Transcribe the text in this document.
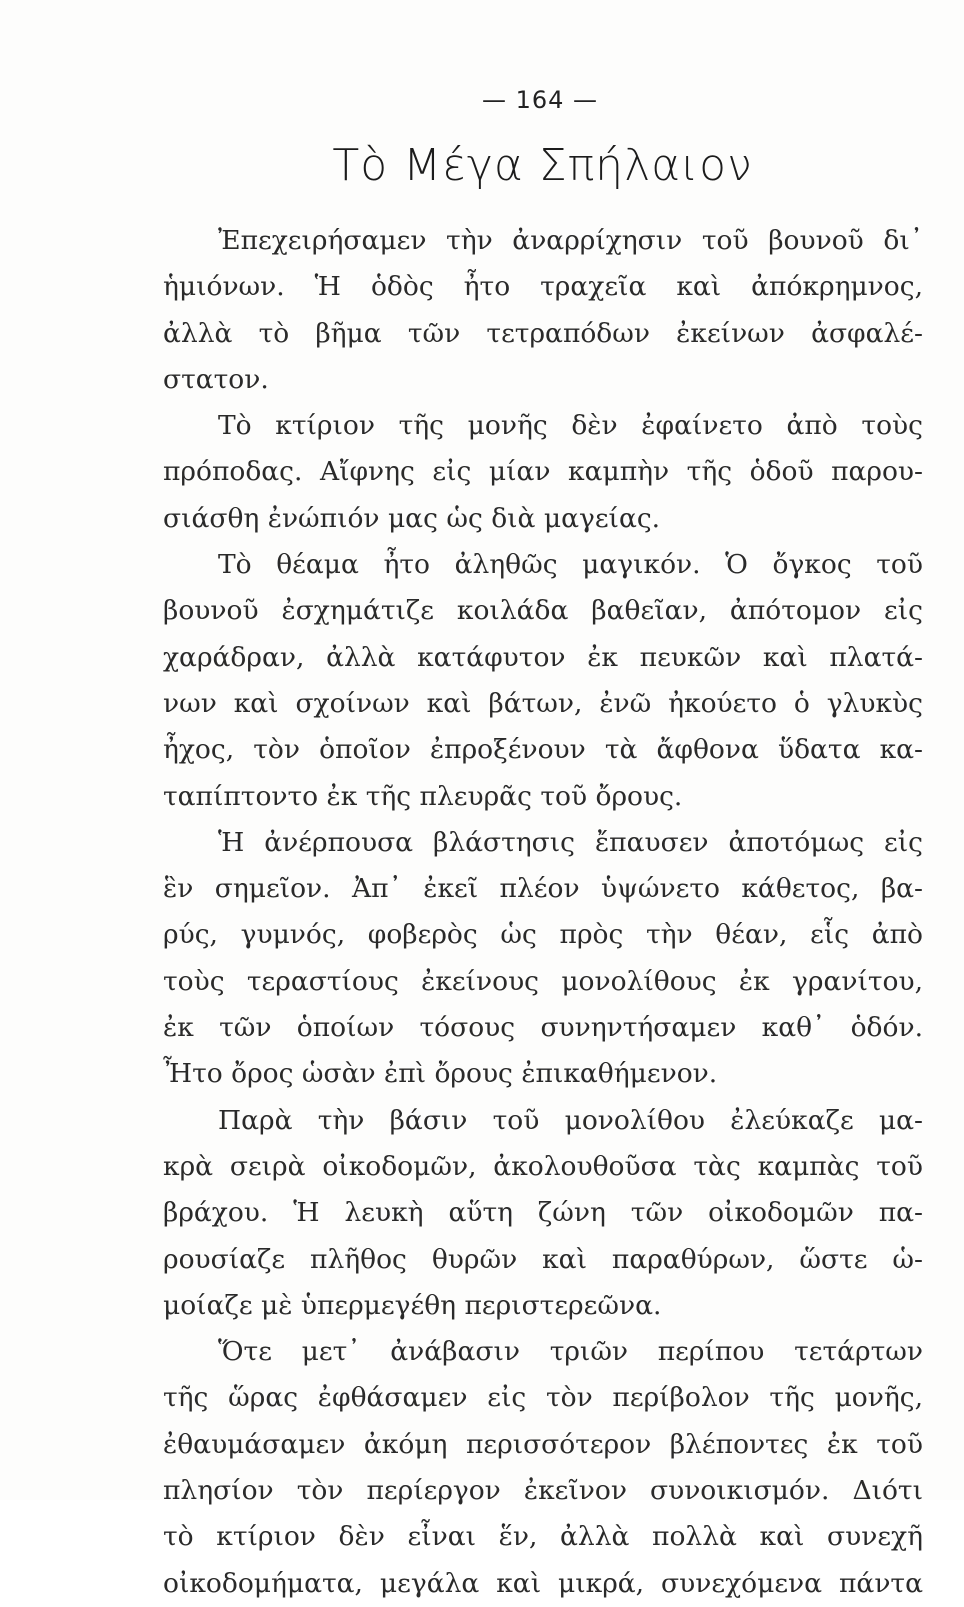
— 164 —
Τὸ Μέγα Σπήλαιον
Ἐπεχειρήσαμεν τὴν ἀναρρίχησιν τοῦ βουνοῦ δι᾽
ἡμιόνων. Ἡ ὁδὸς ἦτο τραχεῖα καὶ ἀπόκρημνος,
ἀλλὰ τὸ βῆμα τῶν τετραπόδων ἐκείνων ἀσφαλέ-
στατον.
Τὸ κτίριον τῆς μονῆς δὲν ἐφαίνετο ἀπὸ τοὺς
πρόποδας. Αἴφνης εἰς μίαν καμπὴν τῆς ὁδοῦ παρου-
σιάσθη ἐνώπιόν μας ὡς διὰ μαγείας.
Τὸ θέαμα ἦτο ἀληθῶς μαγικόν. Ὁ ὄγκος τοῦ
βουνοῦ ἐσχημάτιζε κοιλάδα βαθεῖαν, ἀπότομον εἰς
χαράδραν, ἀλλὰ κατάφυτον ἐκ πευκῶν καὶ πλατά-
νων καὶ σχοίνων καὶ βάτων, ἐνῶ ἠκούετο ὁ γλυκὺς
ἦχος, τὸν ὁποῖον ἐπροξένουν τὰ ἄφθονα ὕδατα κα-
ταπίπτοντο ἐκ τῆς πλευρᾶς τοῦ ὄρους.
Ἡ ἀνέρπουσα βλάστησις ἔπαυσεν ἀποτόμως εἰς
ἓν σημεῖον. Ἀπ᾽ ἐκεῖ πλέον ὑψώνετο κάθετος, βα-
ρύς, γυμνός, φοβερὸς ὡς πρὸς τὴν θέαν, εἷς ἀπὸ
τοὺς τεραστίους ἐκείνους μονολίθους ἐκ γρανίτου,
ἐκ τῶν ὁποίων τόσους συνηντήσαμεν καθ᾽ ὁδόν.
Ἦτο ὄρος ὡσὰν ἐπὶ ὄρους ἐπικαθήμενον.
Παρὰ τὴν βάσιν τοῦ μονολίθου ἐλεύκαζε μα-
κρὰ σειρὰ οἰκοδομῶν, ἀκολουθοῦσα τὰς καμπὰς τοῦ
βράχου. Ἡ λευκὴ αὕτη ζώνη τῶν οἰκοδομῶν πα-
ρουσίαζε πλῆθος θυρῶν καὶ παραθύρων, ὥστε ὡ-
μοίαζε μὲ ὑπερμεγέθη περιστερεῶνα.
Ὅτε μετ᾽ ἀνάβασιν τριῶν περίπου τετάρτων
τῆς ὥρας ἐφθάσαμεν εἰς τὸν περίβολον τῆς μονῆς,
ἐθαυμάσαμεν ἀκόμη περισσότερον βλέποντες ἐκ τοῦ
πλησίον τὸν περίεργον ἐκεῖνον συνοικισμόν. Διότι
τὸ κτίριον δὲν εἶναι ἕν, ἀλλὰ πολλὰ καὶ συνεχῆ
οἰκοδομήματα, μεγάλα καὶ μικρά, συνεχόμενα πάντα
